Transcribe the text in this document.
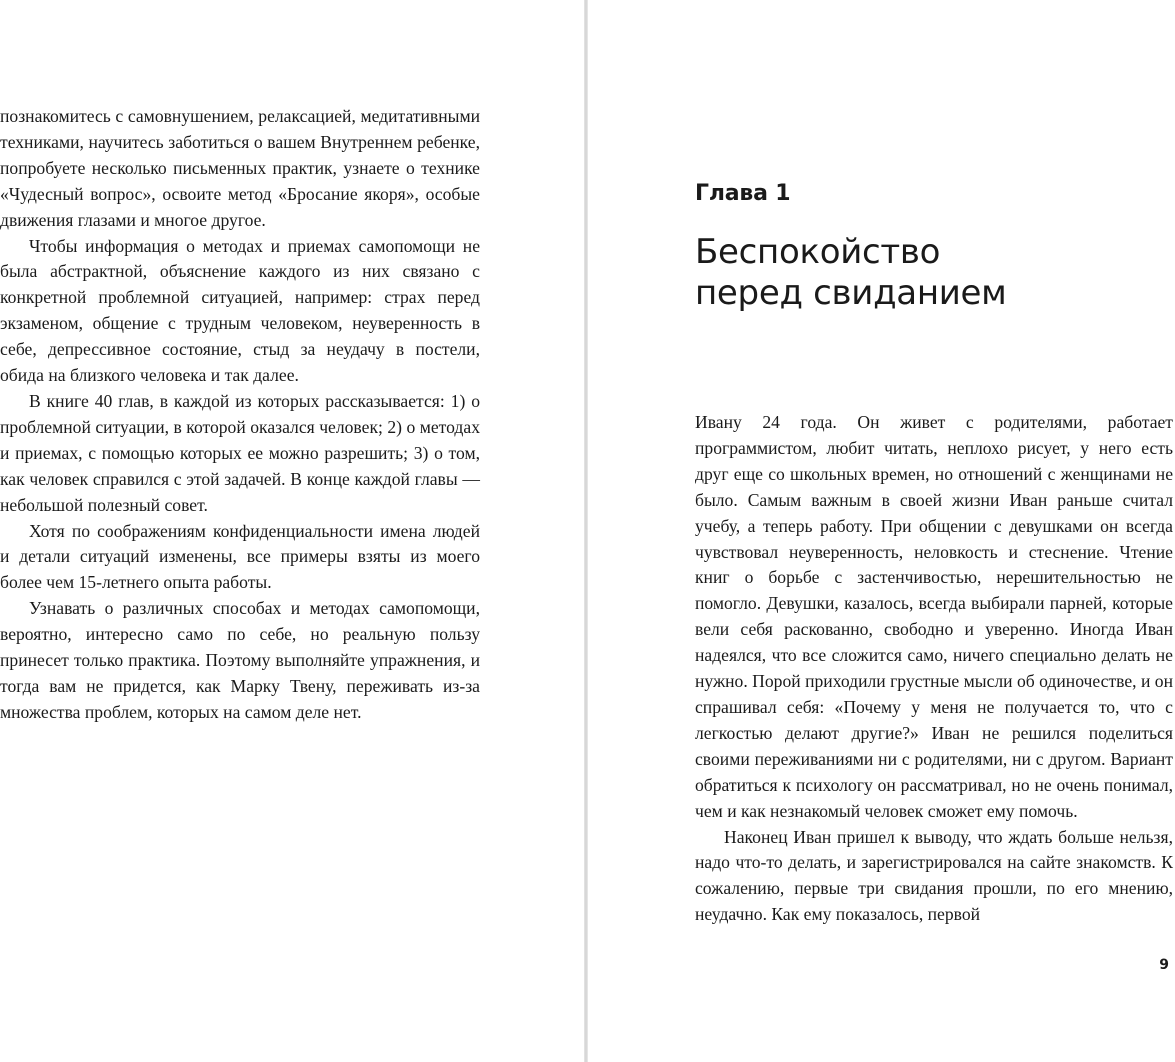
познакомитесь с самовнушением, релаксацией, медитативными техниками, научитесь заботиться о вашем Внутреннем ребенке, попробуете несколько письменных практик, узнаете о технике «Чудесный вопрос», освоите метод «Бросание якоря», особые движения глазами и многое другое.

Чтобы информация о методах и приемах самопомощи не была абстрактной, объяснение каждого из них связано с конкретной проблемной ситуацией, например: страх перед экзаменом, общение с трудным человеком, неуверенность в себе, депрессивное состояние, стыд за неудачу в постели, обида на близкого человека и так далее.

В книге 40 глав, в каждой из которых рассказывается: 1) о проблемной ситуации, в которой оказался человек; 2) о методах и приемах, с помощью которых ее можно разрешить; 3) о том, как человек справился с этой задачей. В конце каждой главы — небольшой полезный совет.

Хотя по соображениям конфиденциальности имена людей и детали ситуаций изменены, все примеры взяты из моего более чем 15-летнего опыта работы.

Узнавать о различных способах и методах самопомощи, вероятно, интересно само по себе, но реальную пользу принесет только практика. Поэтому выполняйте упражнения, и тогда вам не придется, как Марку Твену, переживать из-за множества проблем, которых на самом деле нет.

Глава 1
Беспокойство
перед свиданием

Ивану 24 года. Он живет с родителями, работает программистом, любит читать, неплохо рисует, у него есть друг еще со школьных времен, но отношений с женщинами не было. Самым важным в своей жизни Иван раньше считал учебу, а теперь работу. При общении с девушками он всегда чувствовал неуверенность, неловкость и стеснение. Чтение книг о борьбе с застенчивостью, нерешительностью не помогло. Девушки, казалось, всегда выбирали парней, которые вели себя раскованно, свободно и уверенно. Иногда Иван надеялся, что все сложится само, ничего специально делать не нужно. Порой приходили грустные мысли об одиночестве, и он спрашивал себя: «Почему у меня не получается то, что с легкостью делают другие?» Иван не решился поделиться своими переживаниями ни с родителями, ни с другом. Вариант обратиться к психологу он рассматривал, но не очень понимал, чем и как незнакомый человек сможет ему помочь.

Наконец Иван пришел к выводу, что ждать больше нельзя, надо что-то делать, и зарегистрировался на сайте знакомств. К сожалению, первые три свидания прошли, по его мнению, неудачно. Как ему показалось, первой

9
